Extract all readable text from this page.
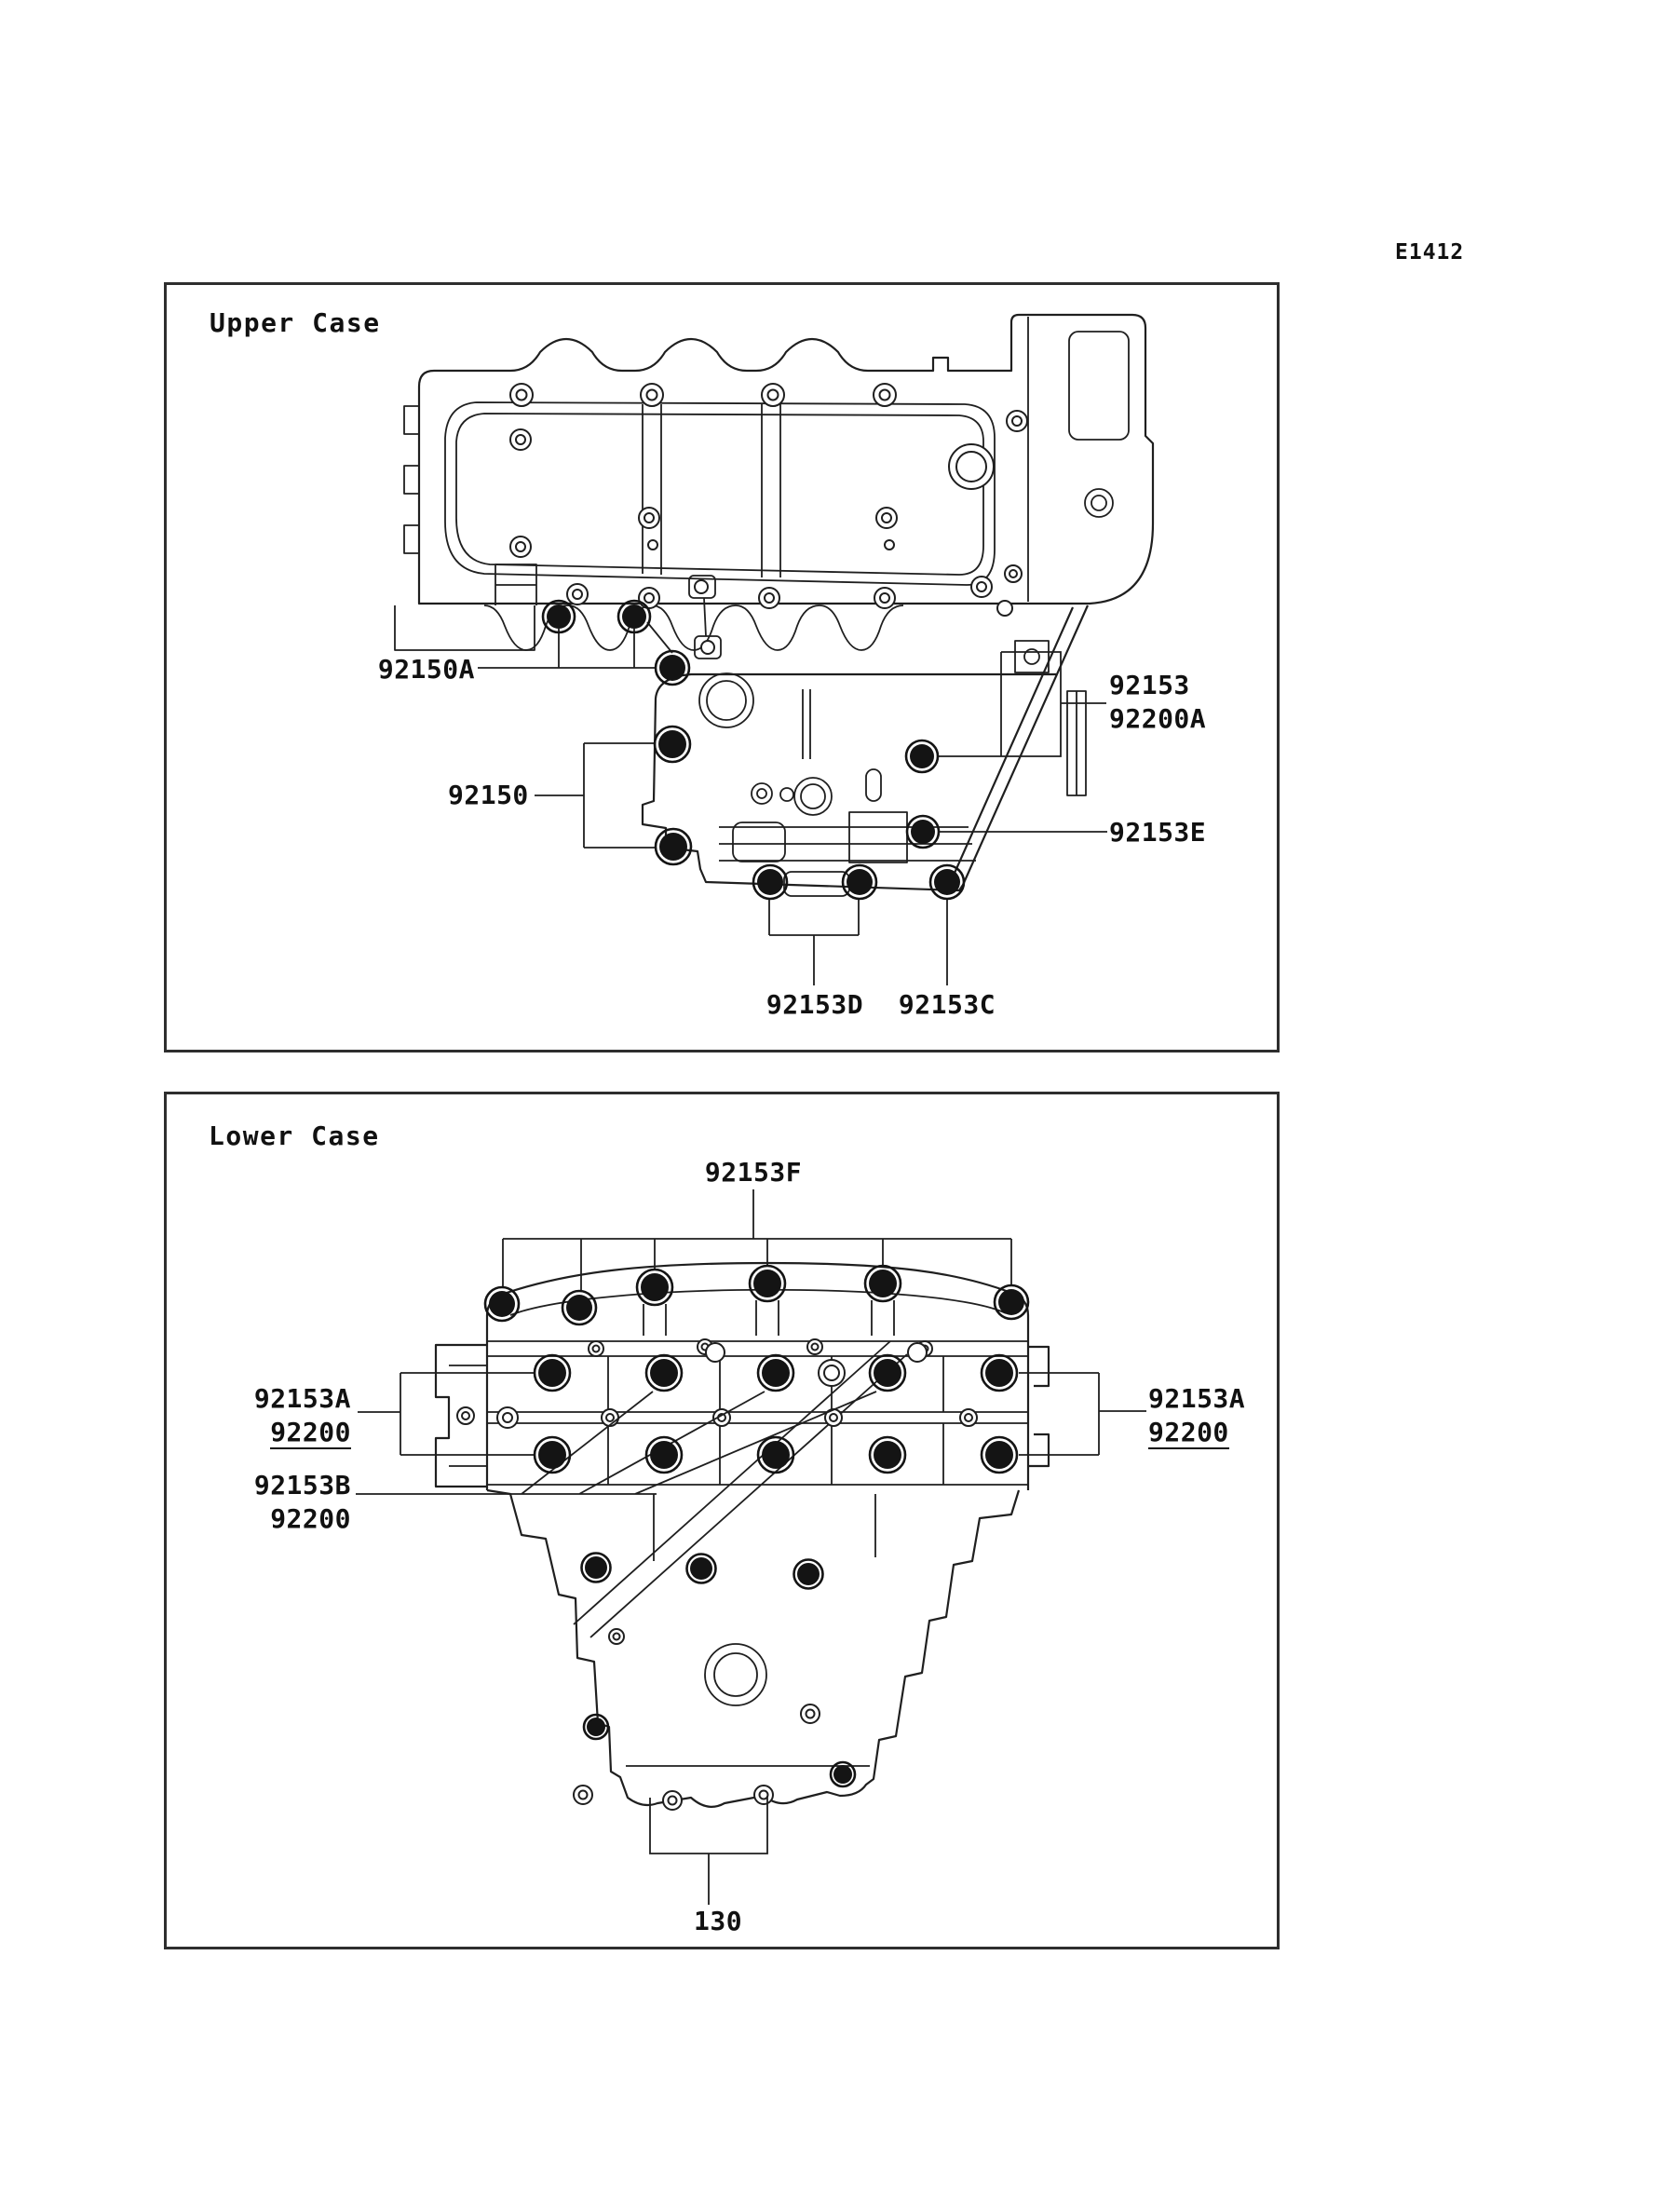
E1412
Upper Case
Lower Case
92150A
92150
92153
92200A
92153E
92153D	92153C
92153F
92153A
92200
92153B
92200
92153A
92200
130
